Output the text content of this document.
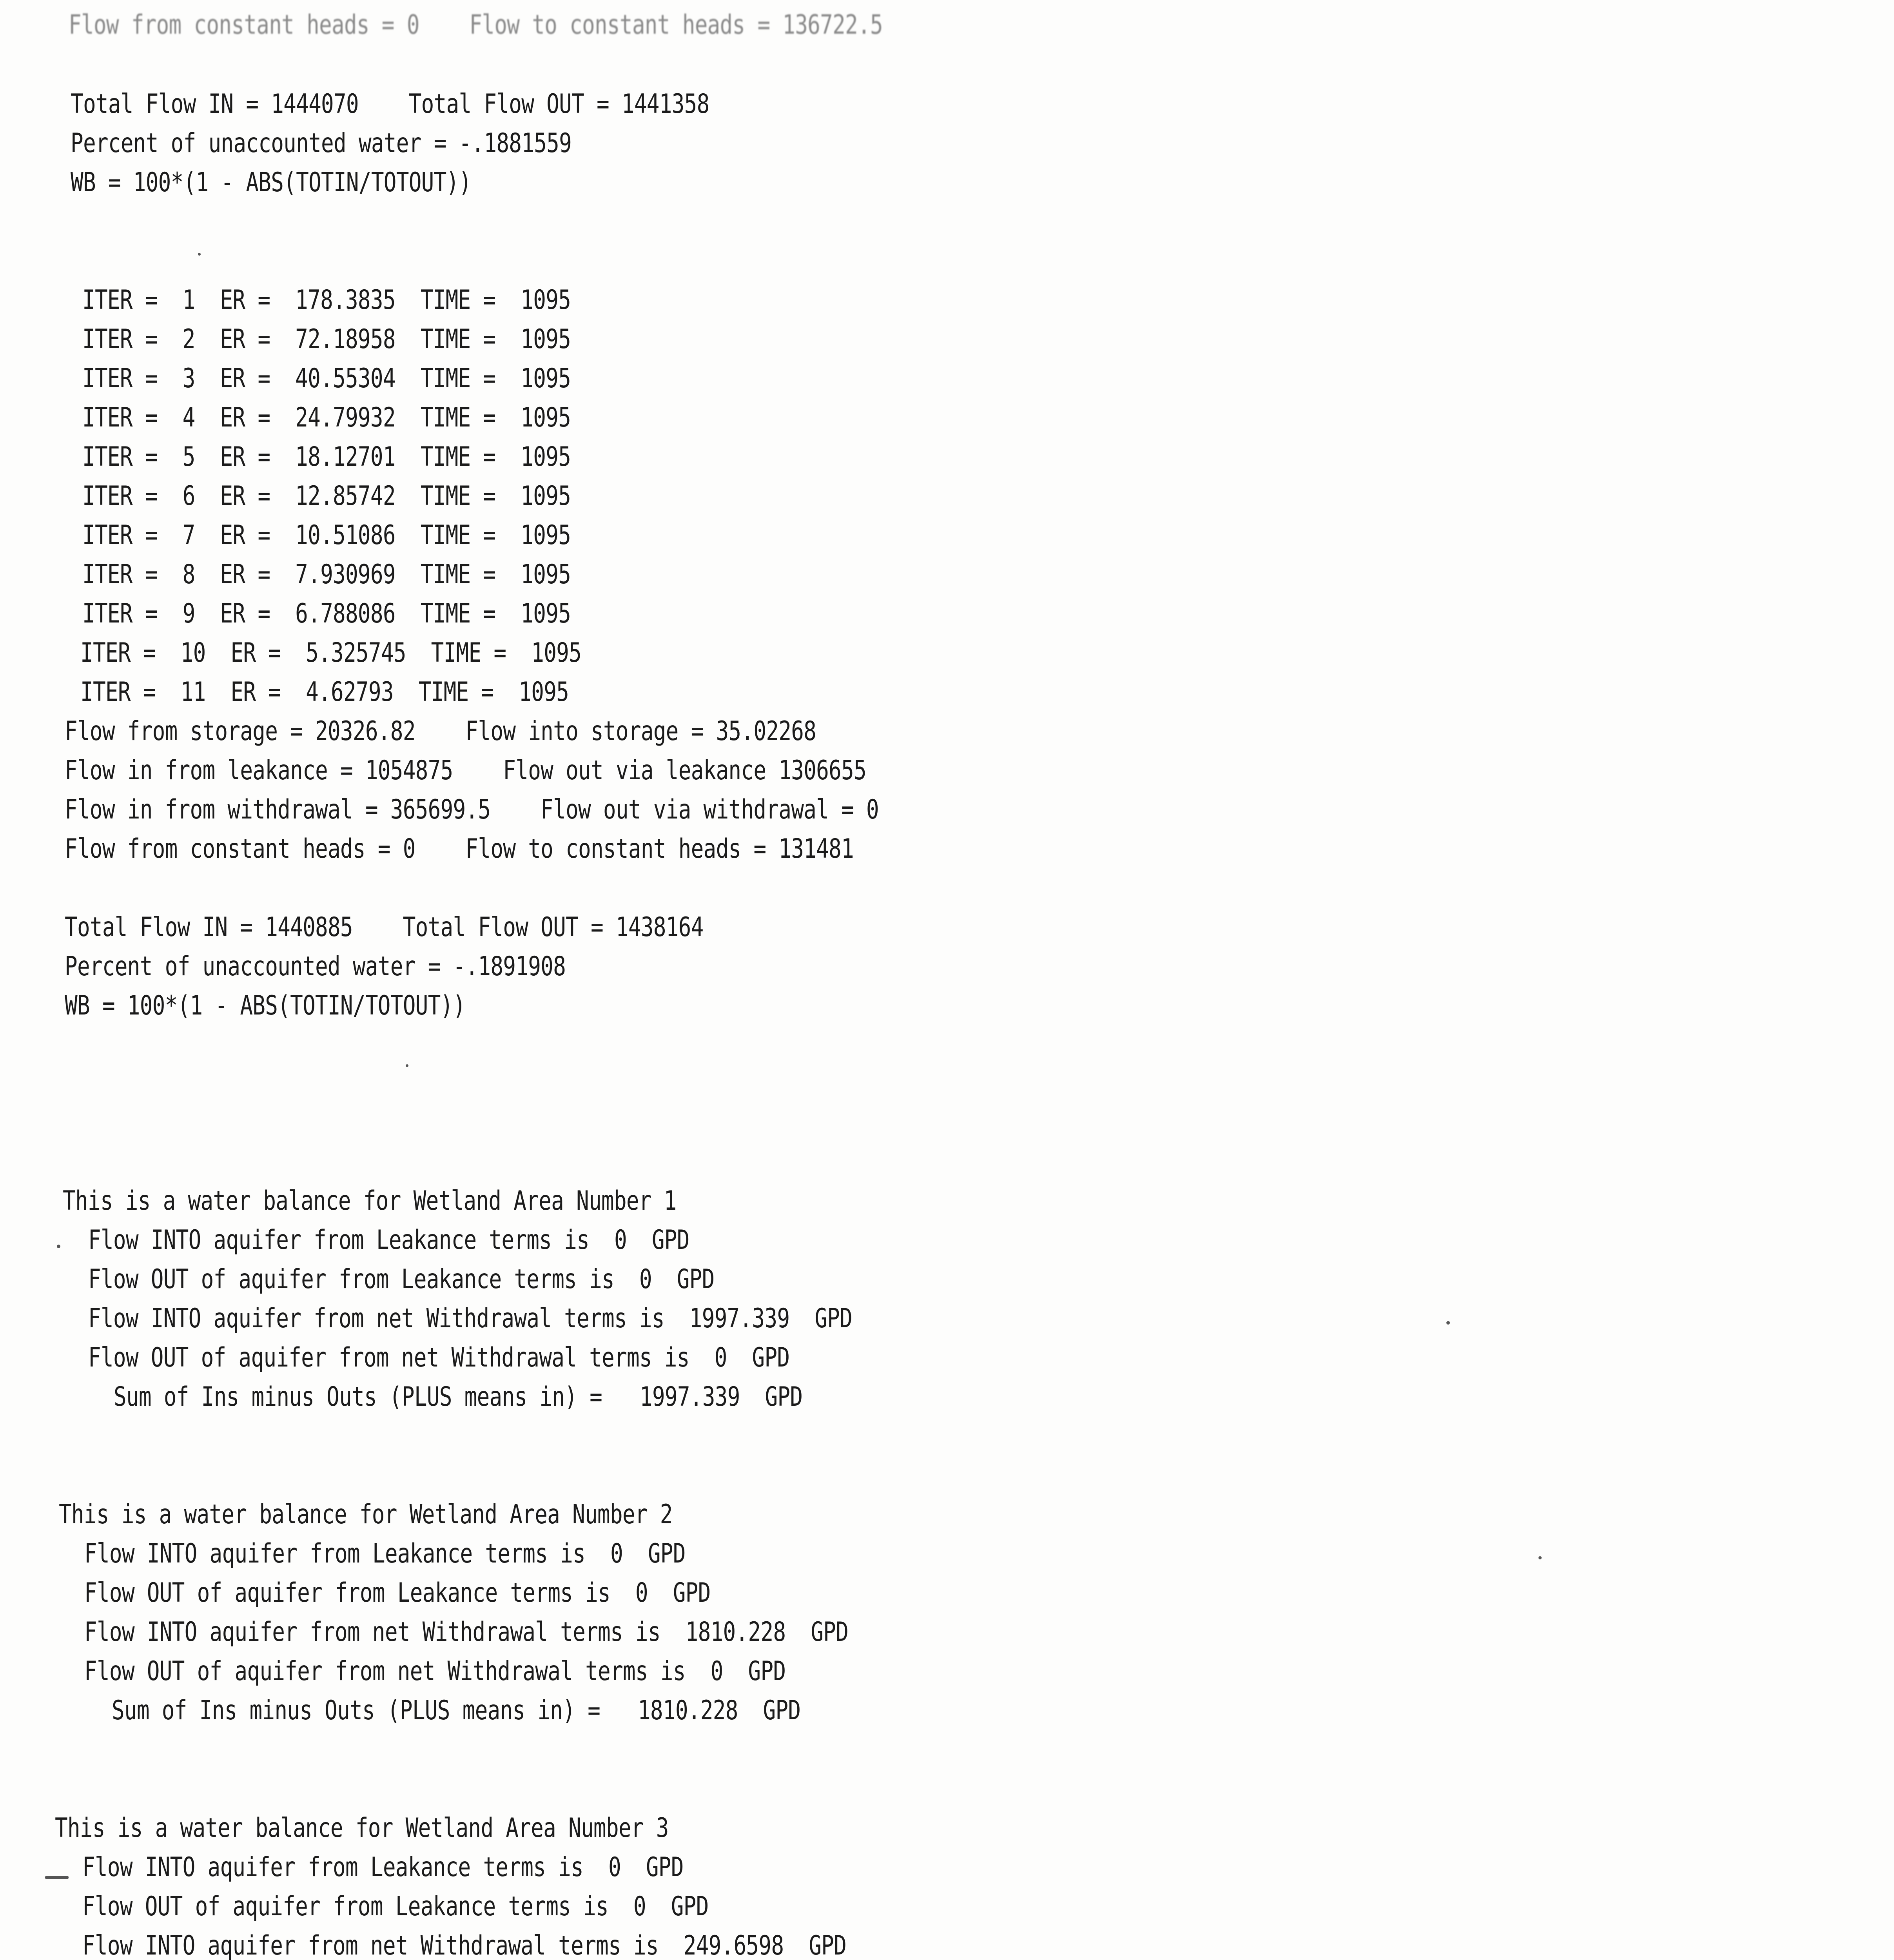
Flow from constant heads = 0    Flow to constant heads = 136722.5

Total Flow IN = 1444070    Total Flow OUT = 1441358

Percent of unaccounted water = -.1881559

WB = 100*(1 - ABS(TOTIN/TOTOUT))

ITER =  1  ER =  178.3835  TIME =  1095

ITER =  2  ER =  72.18958  TIME =  1095

ITER =  3  ER =  40.55304  TIME =  1095

ITER =  4  ER =  24.79932  TIME =  1095

ITER =  5  ER =  18.12701  TIME =  1095

ITER =  6  ER =  12.85742  TIME =  1095

ITER =  7  ER =  10.51086  TIME =  1095

ITER =  8  ER =  7.930969  TIME =  1095

ITER =  9  ER =  6.788086  TIME =  1095

ITER =  10  ER =  5.325745  TIME =  1095

ITER =  11  ER =  4.62793  TIME =  1095

Flow from storage = 20326.82    Flow into storage = 35.02268

Flow in from leakance = 1054875    Flow out via leakance 1306655

Flow in from withdrawal = 365699.5    Flow out via withdrawal = 0

Flow from constant heads = 0    Flow to constant heads = 131481

Total Flow IN = 1440885    Total Flow OUT = 1438164

Percent of unaccounted water = -.1891908

WB = 100*(1 - ABS(TOTIN/TOTOUT))

This is a water balance for Wetland Area Number 1

Flow INTO aquifer from Leakance terms is  0  GPD

Flow OUT of aquifer from Leakance terms is  0  GPD

Flow INTO aquifer from net Withdrawal terms is  1997.339  GPD

Flow OUT of aquifer from net Withdrawal terms is  0  GPD

Sum of Ins minus Outs (PLUS means in) =   1997.339  GPD

This is a water balance for Wetland Area Number 2

Flow INTO aquifer from Leakance terms is  0  GPD

Flow OUT of aquifer from Leakance terms is  0  GPD

Flow INTO aquifer from net Withdrawal terms is  1810.228  GPD

Flow OUT of aquifer from net Withdrawal terms is  0  GPD

Sum of Ins minus Outs (PLUS means in) =   1810.228  GPD

This is a water balance for Wetland Area Number 3

Flow INTO aquifer from Leakance terms is  0  GPD

Flow OUT of aquifer from Leakance terms is  0  GPD

Flow INTO aquifer from net Withdrawal terms is  249.6598  GPD
